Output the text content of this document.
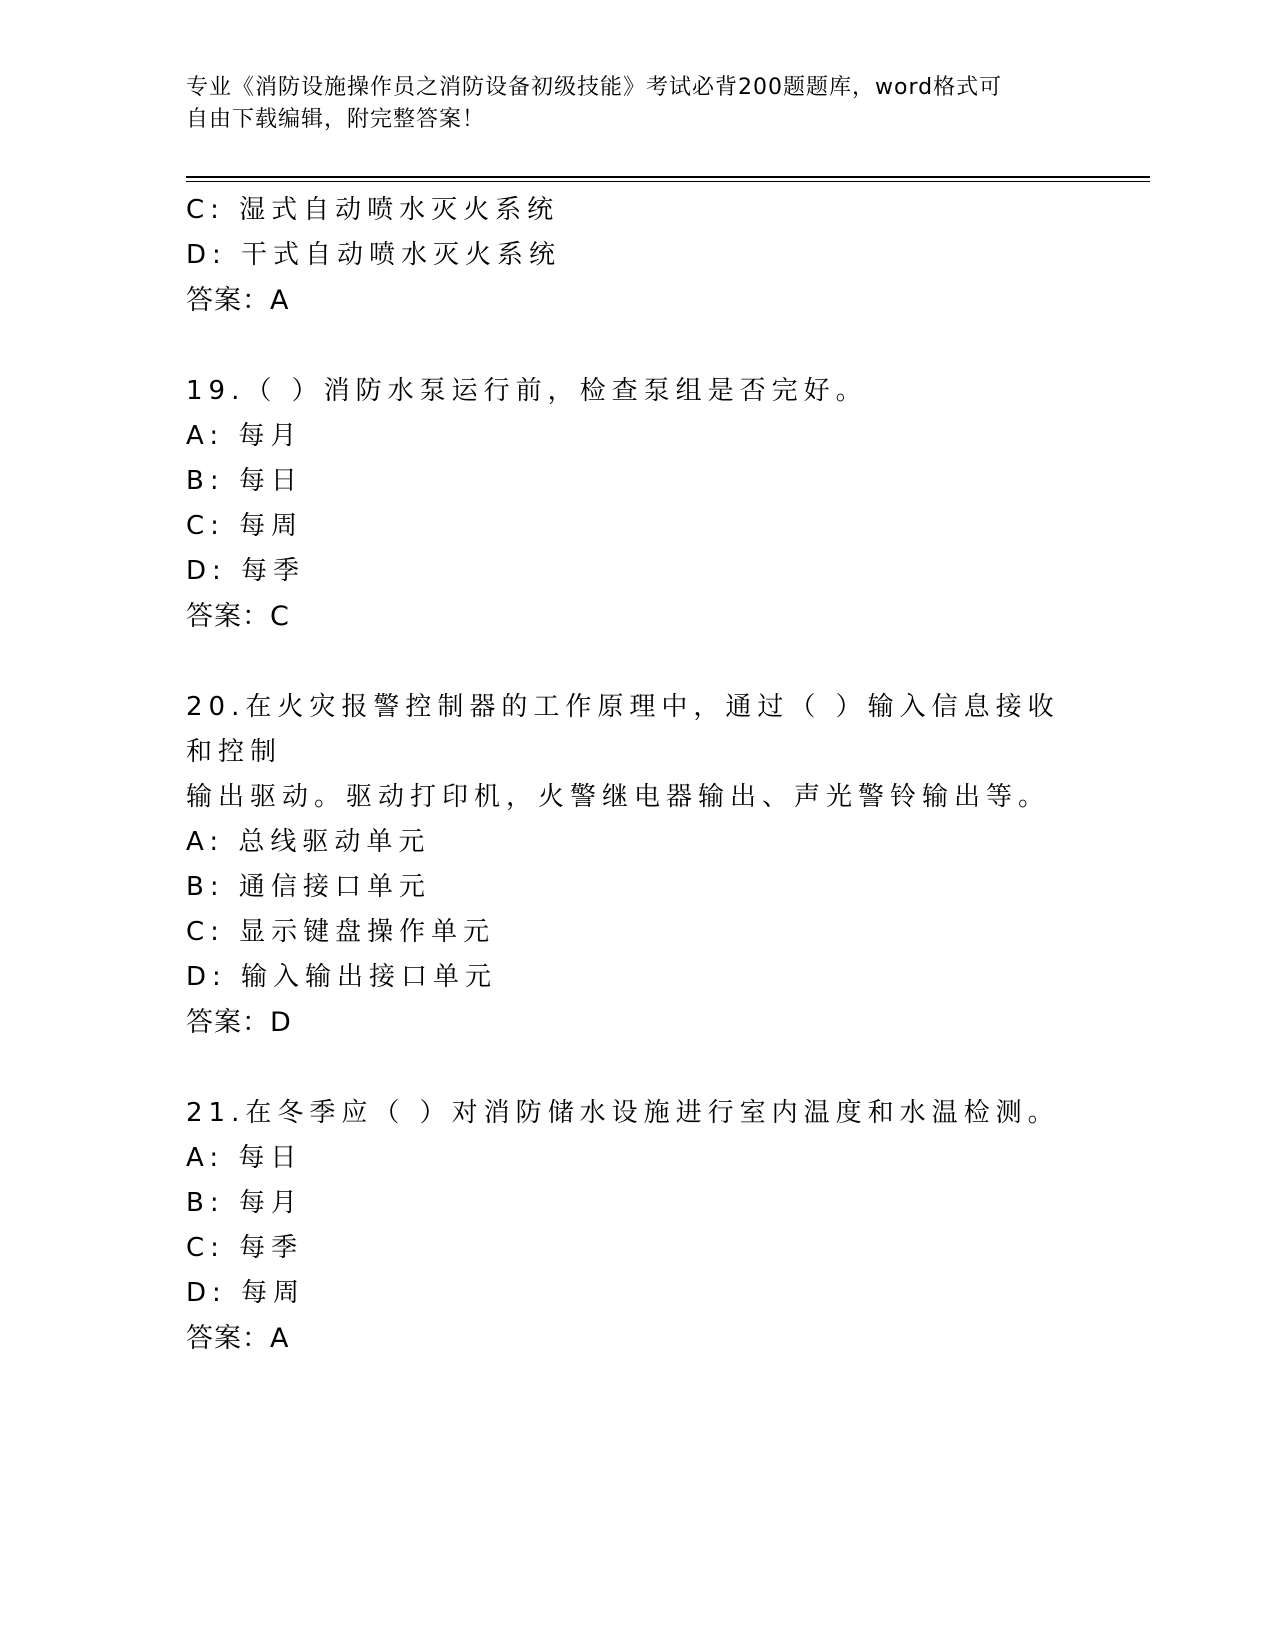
专业《消防设施操作员之消防设备初级技能》考试必背200题题库，word格式可
自由下载编辑，附完整答案！
C: 湿式自动喷水灭火系统
D: 干式自动喷水灭火系统
答案：A
19.（ ）消防水泵运行前，检查泵组是否完好。
A: 每月
B: 每日
C: 每周
D: 每季
答案：C
20.在火灾报警控制器的工作原理中，通过（ ）输入信息接收和控制
输出驱动。驱动打印机，火警继电器输出、声光警铃输出等。
A: 总线驱动单元
B: 通信接口单元
C: 显示键盘操作单元
D: 输入输出接口单元
答案：D
21.在冬季应（ ）对消防储水设施进行室内温度和水温检测。
A: 每日
B: 每月
C: 每季
D: 每周
答案：A
